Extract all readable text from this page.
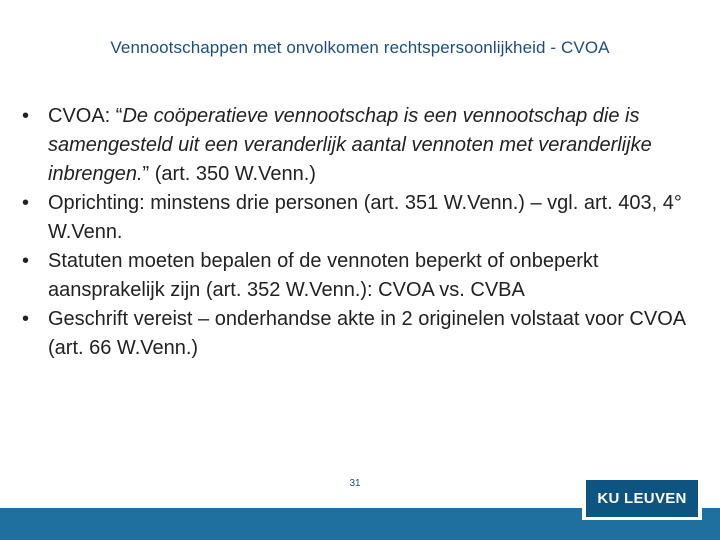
Vennootschappen met onvolkomen rechtspersoonlijkheid - CVOA
• CVOA: “De coöperatieve vennootschap is een vennootschap die is samengesteld uit een veranderlijk aantal vennoten met veranderlijke inbrengen.” (art. 350 W.Venn.)
• Oprichting: minstens drie personen (art. 351 W.Venn.) – vgl. art. 403, 4° W.Venn.
• Statuten moeten bepalen of de vennoten beperkt of onbeperkt aansprakelijk zijn (art. 352 W.Venn.): CVOA vs. CVBA
• Geschrift vereist – onderhandse akte in 2 originelen volstaat voor CVOA (art. 66 W.Venn.)
31
KU LEUVEN
